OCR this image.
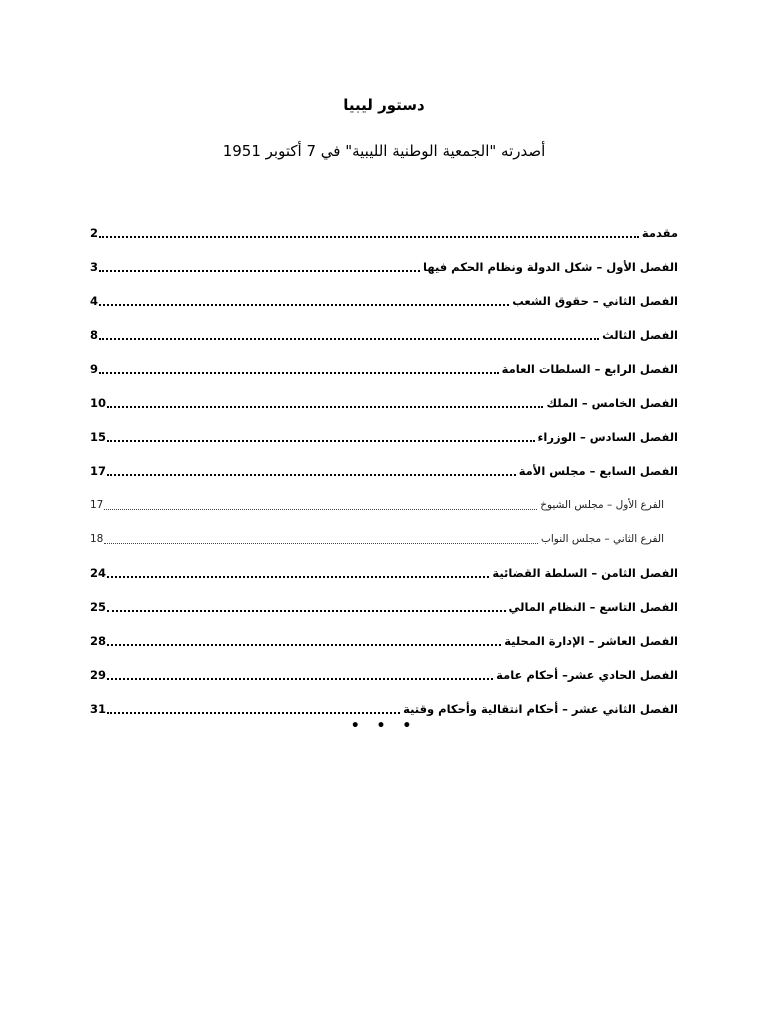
دستور ليبيا
أصدرته "الجمعية الوطنية الليبية" في 7 أكتوبر 1951
مقدمة
2
الفصل الأول – شكل الدولة ونظام الحكم فيها
3
الفصل الثاني – حقوق الشعب
4
الفصل الثالث
8
الفصل الرابع – السلطات العامة
9
الفصل الخامس – الملك
10
الفصل السادس – الوزراء
15
الفصل السابع – مجلس الأمة
17
الفرع الأول – مجلس الشيوخ
17
الفرع الثاني – مجلس النواب
18
الفصل الثامن – السلطة القضائية
24
الفصل التاسع – النظام المالي
25
الفصل العاشر – الإدارة المحلية
28
الفصل الحادي عشر– أحكام عامة
29
الفصل الثاني عشر – أحكام انتقالية وأحكام وقتية
31
• • •
